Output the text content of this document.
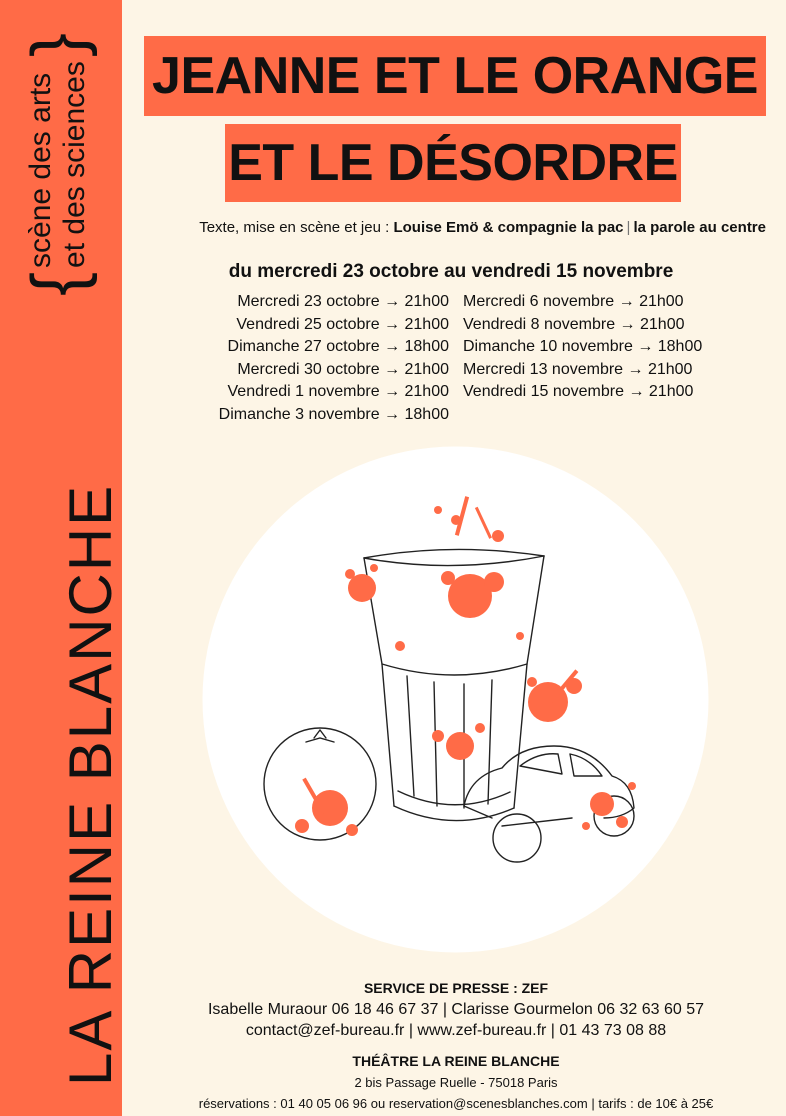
LA REINE BLANCHE
{
scène des arts
et des sciences
}
JEANNE ET LE ORANGE
ET LE DÉSORDRE
Texte, mise en scène et jeu : Louise Emö & compagnie la pac | la parole au centre
du mercredi 23 octobre au vendredi 15 novembre
Mercredi 23 octobre → 21h00
Vendredi 25 octobre → 21h00
Dimanche 27 octobre → 18h00
Mercredi 30 octobre → 21h00
Vendredi 1 novembre → 21h00
Dimanche 3 novembre → 18h00
Mercredi 6 novembre → 21h00
Vendredi 8 novembre → 21h00
Dimanche 10 novembre → 18h00
Mercredi 13 novembre → 21h00
Vendredi 15 novembre → 21h00
SERVICE DE PRESSE : ZEF
Isabelle Muraour 06 18 46 67 37 | Clarisse Gourmelon 06 32 63 60 57
contact@zef-bureau.fr | www.zef-bureau.fr | 01 43 73 08 88
THÉÂTRE LA REINE BLANCHE
2 bis Passage Ruelle - 75018 Paris
réservations : 01 40 05 06 96 ou reservation@scenesblanches.com | tarifs : de 10€ à 25€
